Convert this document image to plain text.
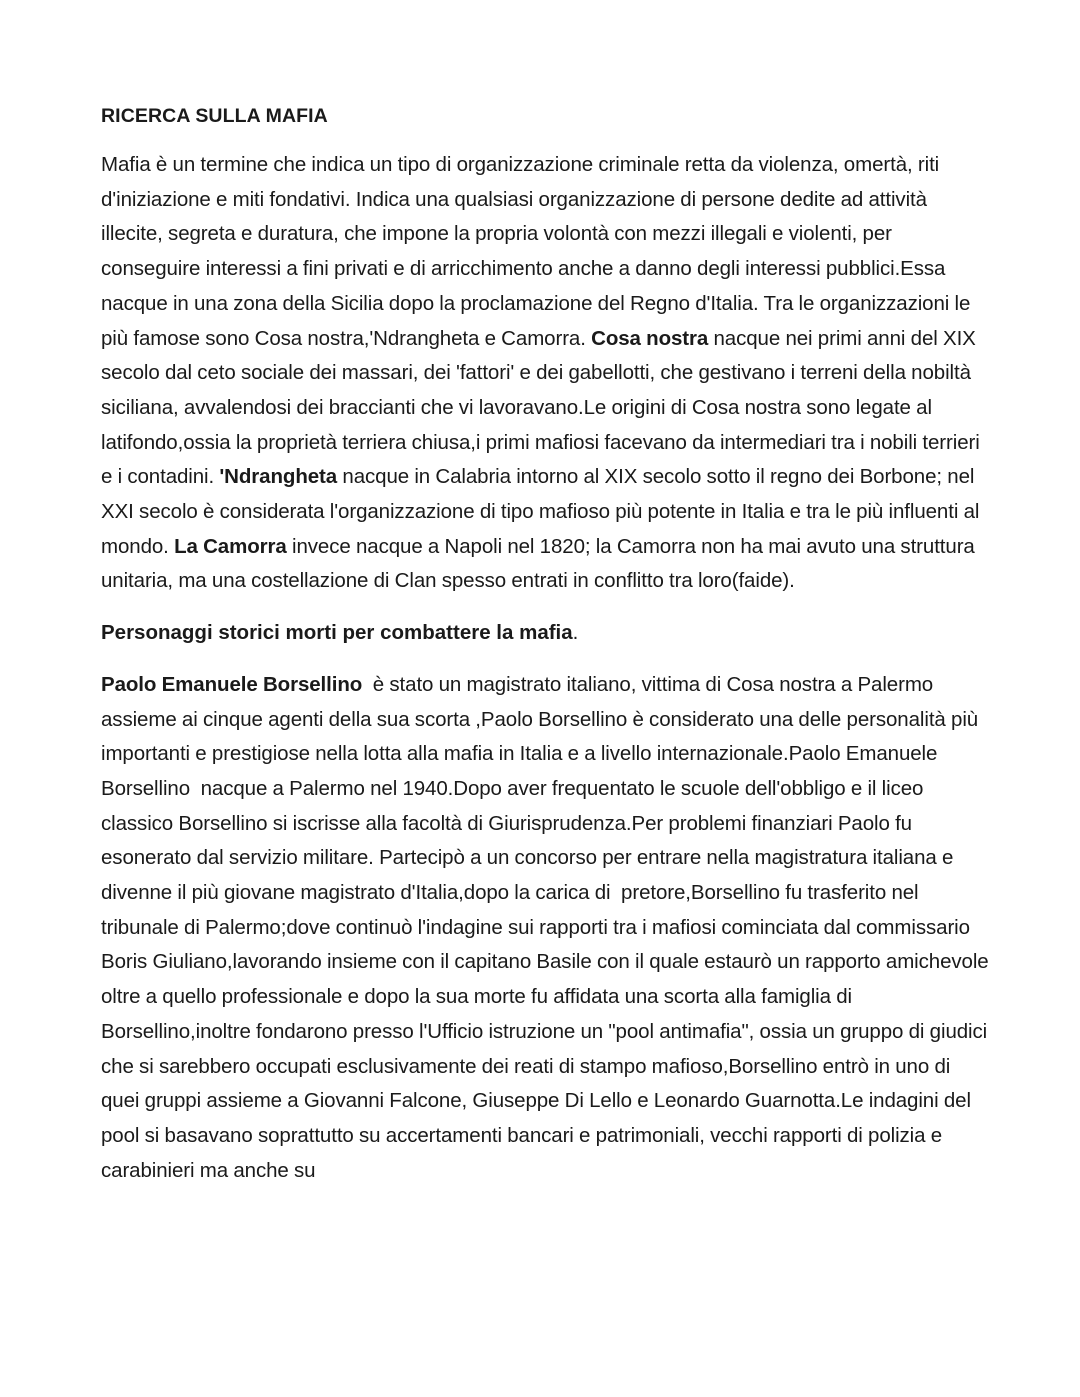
RICERCA SULLA MAFIA

Mafia è un termine che indica un tipo di organizzazione criminale retta da violenza, omertà, riti d'iniziazione e miti fondativi. Indica una qualsiasi organizzazione di persone dedite ad attività illecite, segreta e duratura, che impone la propria volontà con mezzi illegali e violenti, per conseguire interessi a fini privati e di arricchimento anche a danno degli interessi pubblici.Essa nacque in una zona della Sicilia dopo la proclamazione del Regno d'Italia. Tra le organizzazioni le più famose sono Cosa nostra,'Ndrangheta e Camorra. Cosa nostra nacque nei primi anni del XIX secolo dal ceto sociale dei massari, dei 'fattori' e dei gabellotti, che gestivano i terreni della nobiltà siciliana, avvalendosi dei braccianti che vi lavoravano.Le origini di Cosa nostra sono legate al latifondo,ossia la proprietà terriera chiusa,i primi mafiosi facevano da intermediari tra i nobili terrieri e i contadini. 'Ndrangheta nacque in Calabria intorno al XIX secolo sotto il regno dei Borbone; nel XXI secolo è considerata l'organizzazione di tipo mafioso più potente in Italia e tra le più influenti al mondo. La Camorra invece nacque a Napoli nel 1820; la Camorra non ha mai avuto una struttura unitaria, ma una costellazione di Clan spesso entrati in conflitto tra loro(faide).

Personaggi storici morti per combattere la mafia.

Paolo Emanuele Borsellino  è stato un magistrato italiano, vittima di Cosa nostra a Palermo assieme ai cinque agenti della sua scorta ,Paolo Borsellino è considerato una delle personalità più importanti e prestigiose nella lotta alla mafia in Italia e a livello internazionale.Paolo Emanuele Borsellino  nacque a Palermo nel 1940.Dopo aver frequentato le scuole dell'obbligo e il liceo classico Borsellino si iscrisse alla facoltà di Giurisprudenza.Per problemi finanziari Paolo fu  esonerato dal servizio militare. Partecipò a un concorso per entrare nella magistratura italiana e divenne il più giovane magistrato d'Italia,dopo la carica di  pretore,Borsellino fu trasferito nel tribunale di Palermo;dove continuò l'indagine sui rapporti tra i mafiosi cominciata dal commissario Boris Giuliano,lavorando insieme con il capitano Basile con il quale estaurò un rapporto amichevole oltre a quello professionale e dopo la sua morte fu affidata una scorta alla famiglia di Borsellino,inoltre fondarono presso l'Ufficio istruzione un "pool antimafia", ossia un gruppo di giudici che si sarebbero occupati esclusivamente dei reati di stampo mafioso,Borsellino entrò in uno di quei gruppi assieme a Giovanni Falcone, Giuseppe Di Lello e Leonardo Guarnotta.Le indagini del pool si basavano soprattutto su accertamenti bancari e patrimoniali, vecchi rapporti di polizia e carabinieri ma anche su
